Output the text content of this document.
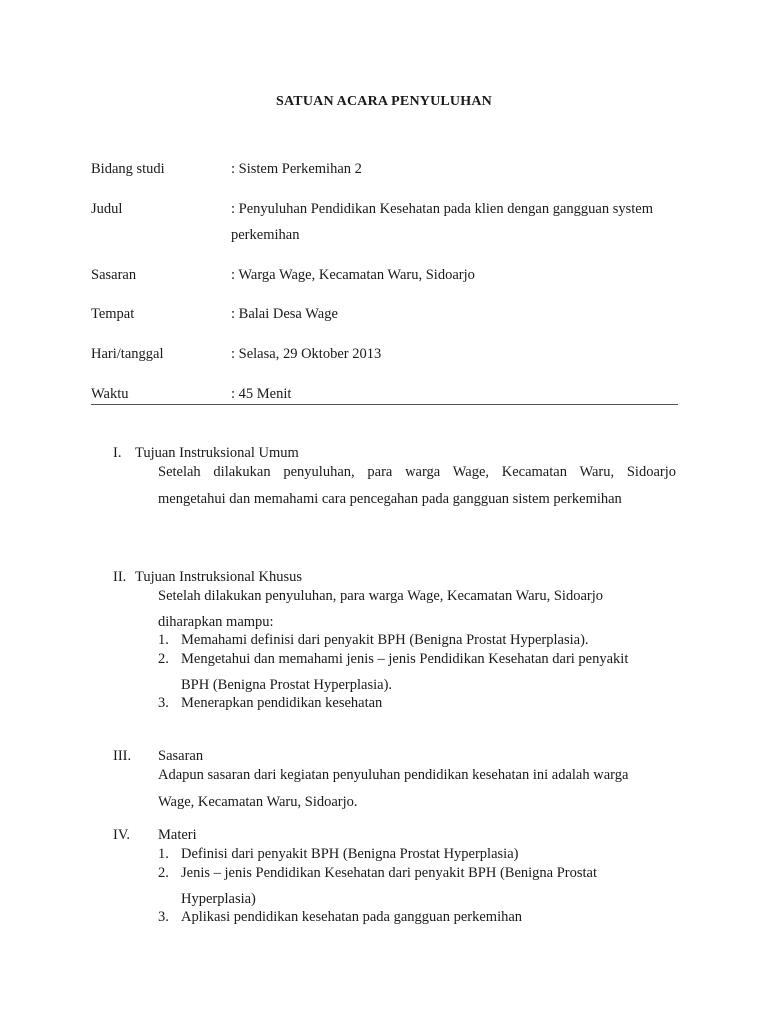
SATUAN ACARA PENYULUHAN
Bidang studi	: Sistem Perkemihan 2
Judul	: Penyuluhan Pendidikan Kesehatan pada klien dengan gangguan system
perkemihan
Sasaran	: Warga Wage, Kecamatan Waru, Sidoarjo
Tempat	: Balai Desa Wage
Hari/tanggal	: Selasa, 29 Oktober 2013
Waktu	: 45 Menit
I. Tujuan Instruksional Umum
Setelah dilakukan penyuluhan, para warga Wage, Kecamatan Waru, Sidoarjo
mengetahui dan memahami cara pencegahan pada gangguan sistem perkemihan
II. Tujuan Instruksional Khusus
Setelah dilakukan penyuluhan, para warga Wage, Kecamatan Waru, Sidoarjo
diharapkan mampu:
1. Memahami definisi dari penyakit BPH (Benigna Prostat Hyperplasia).
2. Mengetahui dan memahami jenis – jenis Pendidikan Kesehatan dari penyakit
BPH (Benigna Prostat Hyperplasia).
3. Menerapkan pendidikan kesehatan
III. Sasaran
Adapun sasaran dari kegiatan penyuluhan pendidikan kesehatan ini adalah warga
Wage, Kecamatan Waru, Sidoarjo.
IV. Materi
1. Definisi dari penyakit BPH (Benigna Prostat Hyperplasia)
2. Jenis – jenis Pendidikan Kesehatan dari penyakit BPH (Benigna Prostat
Hyperplasia)
3. Aplikasi pendidikan kesehatan pada gangguan perkemihan
